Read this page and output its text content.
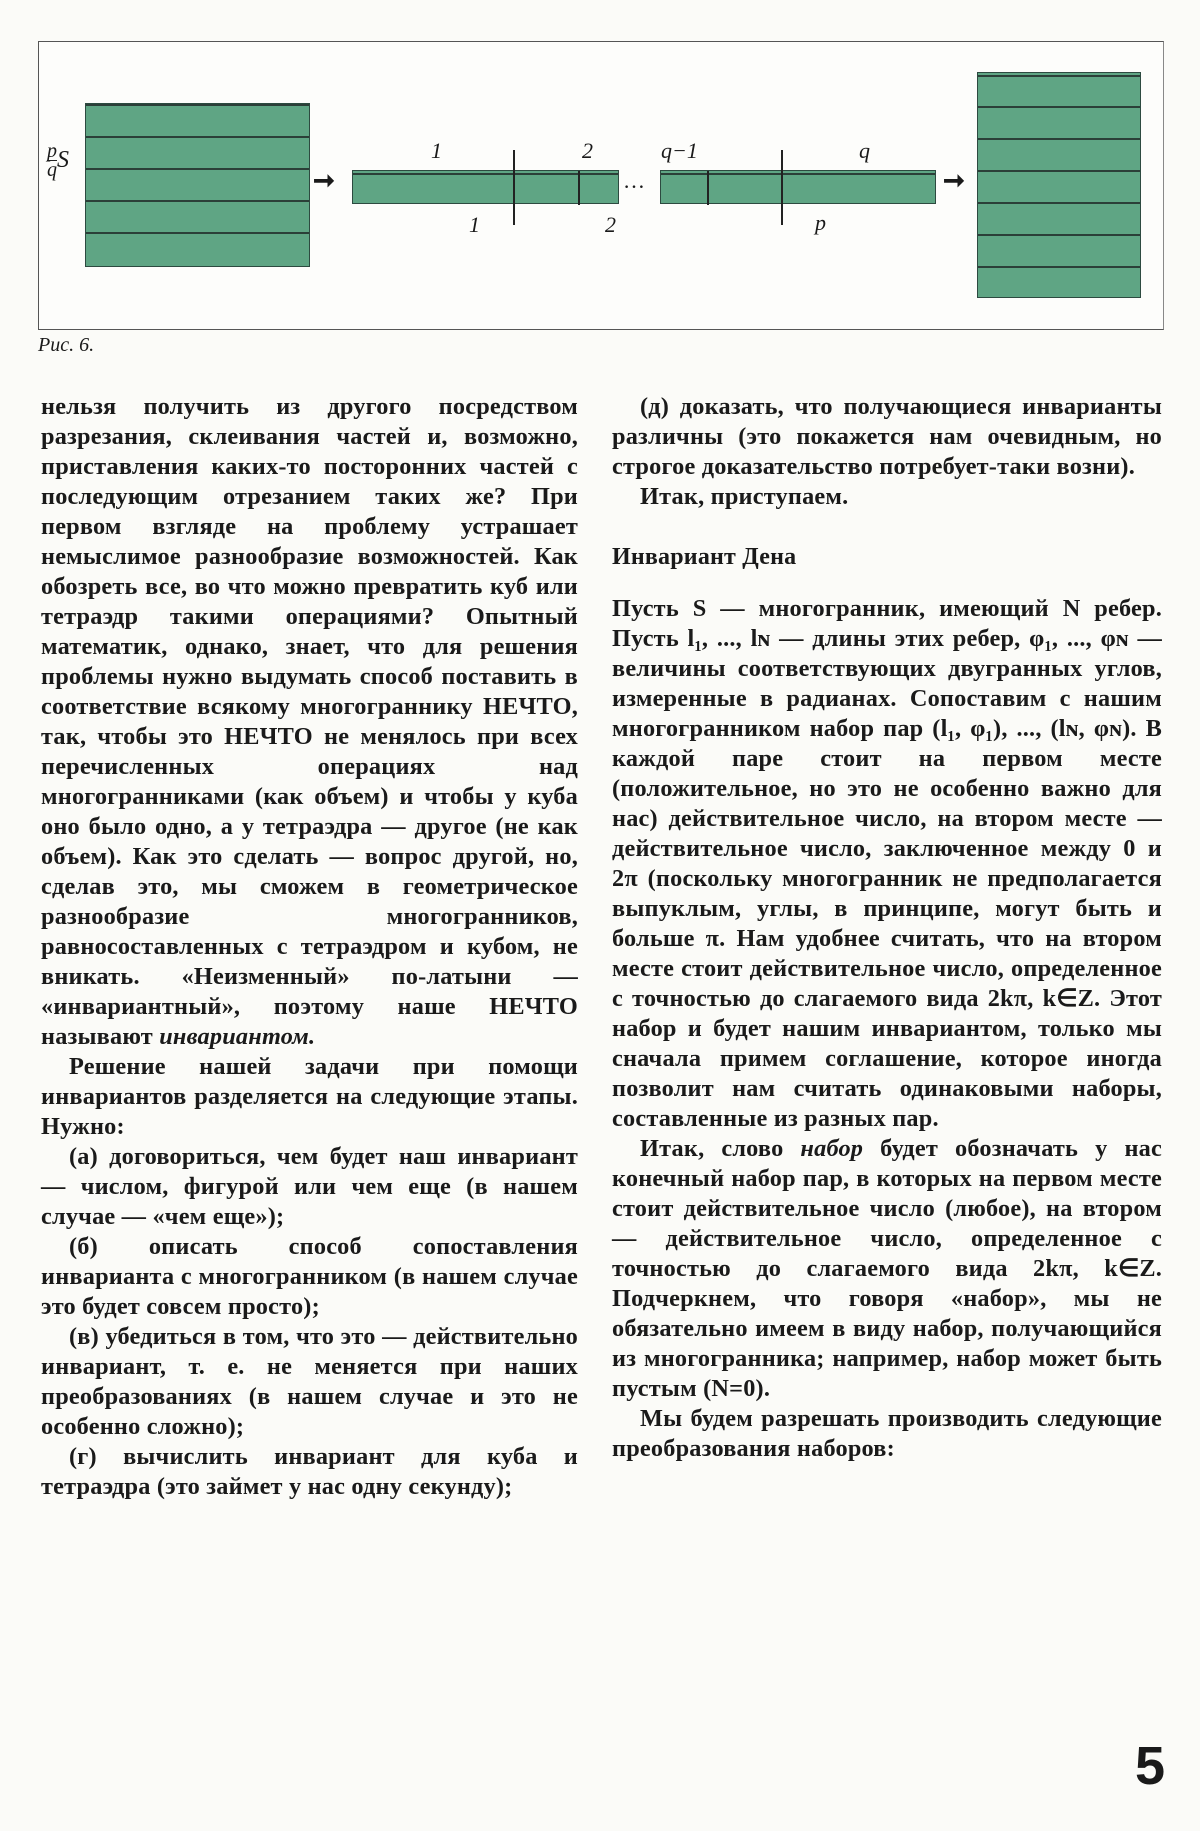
$\frac{p}{q}$ S
➞
1	2
1	2
…
q−1	q
p
➞
Рис. 6.

нельзя получить из другого посредством разрезания, склеивания частей и, возможно, приставления каких-то посторонних частей с последующим отрезанием таких же? При первом взгляде на проблему устрашает немыслимое разнообразие возможностей. Как обозреть все, во что можно превратить куб или тетраэдр такими операциями? Опытный математик, однако, знает, что для решения проблемы нужно выдумать способ поставить в соответствие всякому многограннику НЕЧТО, так, чтобы это НЕЧТО не менялось при всех перечисленных операциях над многогранниками (как объем) и чтобы у куба оно было одно, а у тетраэдра — другое (не как объем). Как это сделать — вопрос другой, но, сделав это, мы сможем в геометрическое разнообразие многогранников, равносоставленных с тетраэдром и кубом, не вникать. «Неизменный» по-латыни — «инвариантный», поэтому наше НЕЧТО называют инвариантом.

Решение нашей задачи при помощи инвариантов разделяется на следующие этапы. Нужно:

(а) договориться, чем будет наш инвариант — числом, фигурой или чем еще (в нашем случае — «чем еще»);

(б) описать способ сопоставления инварианта с многогранником (в нашем случае это будет совсем просто);

(в) убедиться в том, что это — действительно инвариант, т. е. не меняется при наших преобразованиях (в нашем случае и это не особенно сложно);

(г) вычислить инвариант для куба и тетраэдра (это займет у нас одну секунду);

(д) доказать, что получающиеся инварианты различны (это покажется нам очевидным, но строгое доказательство потребует-таки возни).

Итак, приступаем.

Инвариант Дена

Пусть S — многогранник, имеющий N ребер. Пусть l₁, ..., lɴ — длины этих ребер, φ₁, ..., φɴ — величины соответствующих двугранных углов, измеренные в радианах. Сопоставим с нашим многогранником набор пар (l₁, φ₁), ..., (lɴ, φɴ). В каждой паре стоит на первом месте (положительное, но это не особенно важно для нас) действительное число, на втором месте — действительное число, заключенное между 0 и 2π (поскольку многогранник не предполагается выпуклым, углы, в принципе, могут быть и больше π. Нам удобнее считать, что на втором месте стоит действительное число, определенное с точностью до слагаемого вида 2kπ, k∈Z. Этот набор и будет нашим инвариантом, только мы сначала примем соглашение, которое иногда позволит нам считать одинаковыми наборы, составленные из разных пар.

Итак, слово набор будет обозначать у нас конечный набор пар, в которых на первом месте стоит действительное число (любое), на втором — действительное число, определенное с точностью до слагаемого вида 2kπ, k∈Z. Подчеркнем, что говоря «набор», мы не обязательно имеем в виду набор, получающийся из многогранника; например, набор может быть пустым (N=0).

Мы будем разрешать производить следующие преобразования наборов:

5
